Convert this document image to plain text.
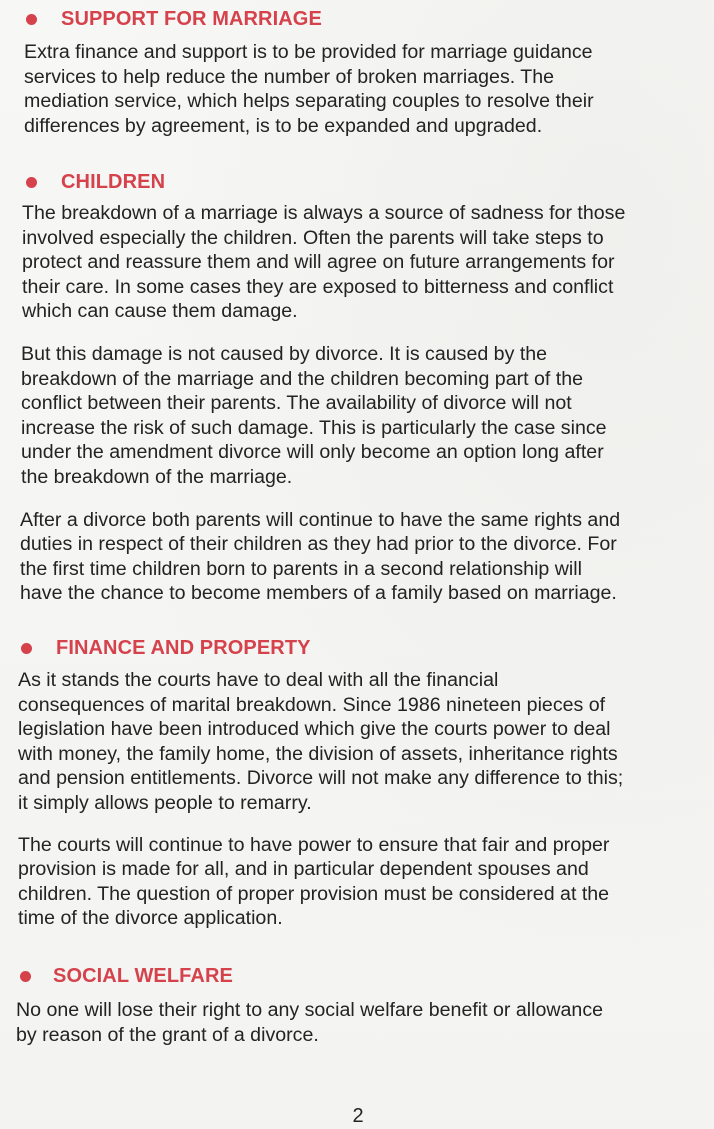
SUPPORT FOR MARRIAGE

Extra finance and support is to be provided for marriage guidance
services to help reduce the number of broken marriages. The
mediation service, which helps separating couples to resolve their
differences by agreement, is to be expanded and upgraded.

CHILDREN

The breakdown of a marriage is always a source of sadness for those
involved especially the children. Often the parents will take steps to
protect and reassure them and will agree on future arrangements for
their care. In some cases they are exposed to bitterness and conflict
which can cause them damage.

But this damage is not caused by divorce. It is caused by the
breakdown of the marriage and the children becoming part of the
conflict between their parents. The availability of divorce will not
increase the risk of such damage. This is particularly the case since
under the amendment divorce will only become an option long after
the breakdown of the marriage.

After a divorce both parents will continue to have the same rights and
duties in respect of their children as they had prior to the divorce. For
the first time children born to parents in a second relationship will
have the chance to become members of a family based on marriage.

FINANCE AND PROPERTY

As it stands the courts have to deal with all the financial
consequences of marital breakdown. Since 1986 nineteen pieces of
legislation have been introduced which give the courts power to deal
with money, the family home, the division of assets, inheritance rights
and pension entitlements. Divorce will not make any difference to this;
it simply allows people to remarry.

The courts will continue to have power to ensure that fair and proper
provision is made for all, and in particular dependent spouses and
children. The question of proper provision must be considered at the
time of the divorce application.

SOCIAL WELFARE

No one will lose their right to any social welfare benefit or allowance
by reason of the grant of a divorce.

2
